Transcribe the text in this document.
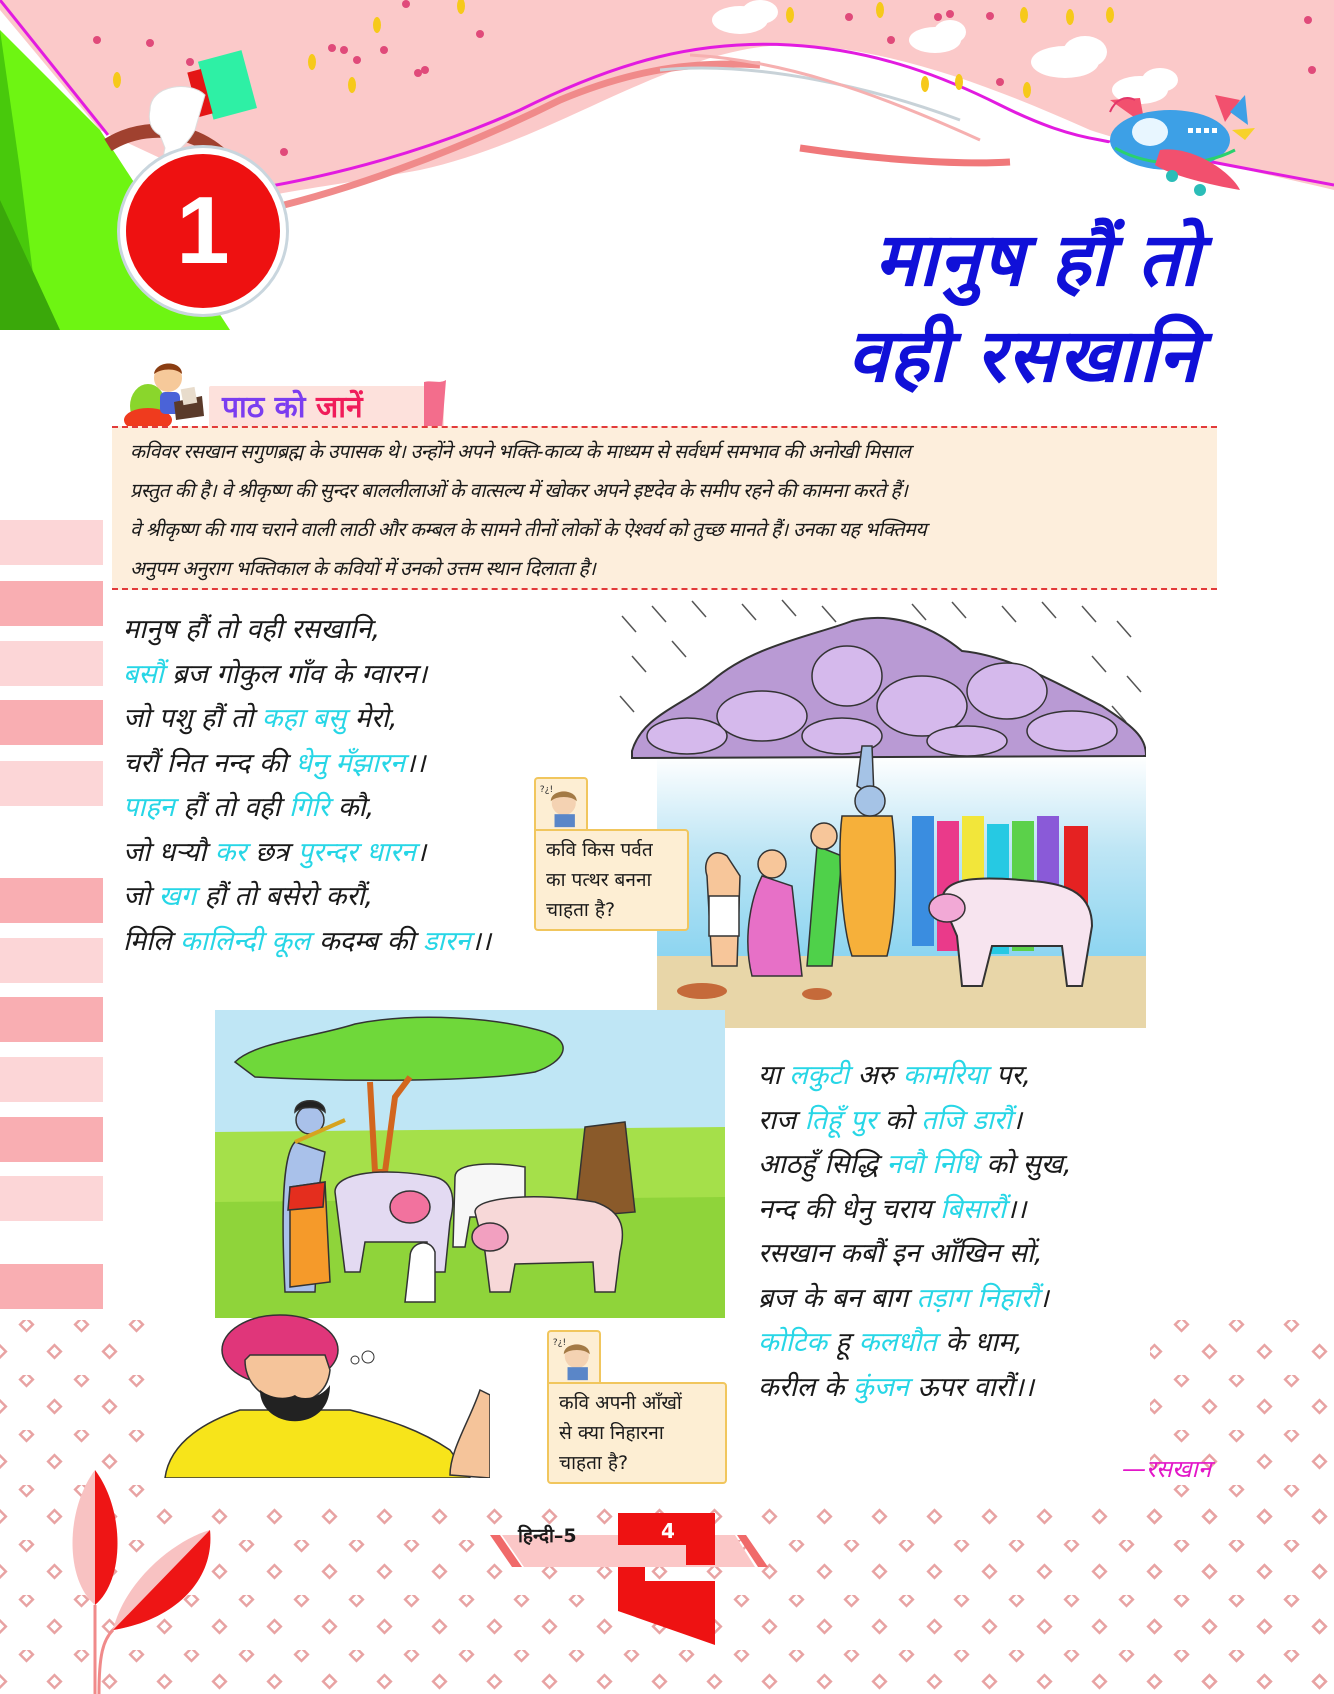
1	मानुष हौं तो
वही रसखानि
पाठ को जानें
कविवर रसखान सगुणब्रह्म के उपासक थे। उन्होंने अपने भक्ति-काव्य के माध्यम से सर्वधर्म समभाव की अनोखी मिसाल
प्रस्तुत की है। वे श्रीकृष्ण की सुन्दर बाललीलाओं के वात्सल्य में खोकर अपने इष्टदेव के समीप रहने की कामना करते हैं।
वे श्रीकृष्ण की गाय चराने वाली लाठी और कम्बल के सामने तीनों लोकों के ऐश्वर्य को तुच्छ मानते हैं। उनका यह भक्तिमय
अनुपम अनुराग भक्तिकाल के कवियों में उनको उत्तम स्थान दिलाता है।
मानुष हौं तो वही रसखानि,
बसौं ब्रज गोकुल गाँव के ग्वारन।
जो पशु हौं तो कहा बसु मेरो,
चरौं नित नन्द की धेनु मँझारन।।
पाहन हौं तो वही गिरि कौ,
जो धर्‍यौ कर छत्र पुरन्दर धारन।
जो खग हौं तो बसेरो करौं,
मिलि कालिन्दी कूल कदम्ब की डारन।।
?¿!
कवि किस पर्वत
का पत्थर बनना
चाहता है?
?¿!
कवि अपनी आँखों
से क्या निहारना
चाहता है?
या लकुटी अरु कामरिया पर,
राज तिहूँ पुर को तजि डारौं।
आठहुँ सिद्धि नवौ निधि को सुख,
नन्द की धेनु चराय बिसारौं।।
रसखान कबौं इन आँखिन सों,
ब्रज के बन बाग तड़ाग निहारौं।
कोटिक हू कलधौत के धाम,
करील के कुंजन ऊपर वारौं।।
—रसखान
हिन्दी–5	4
